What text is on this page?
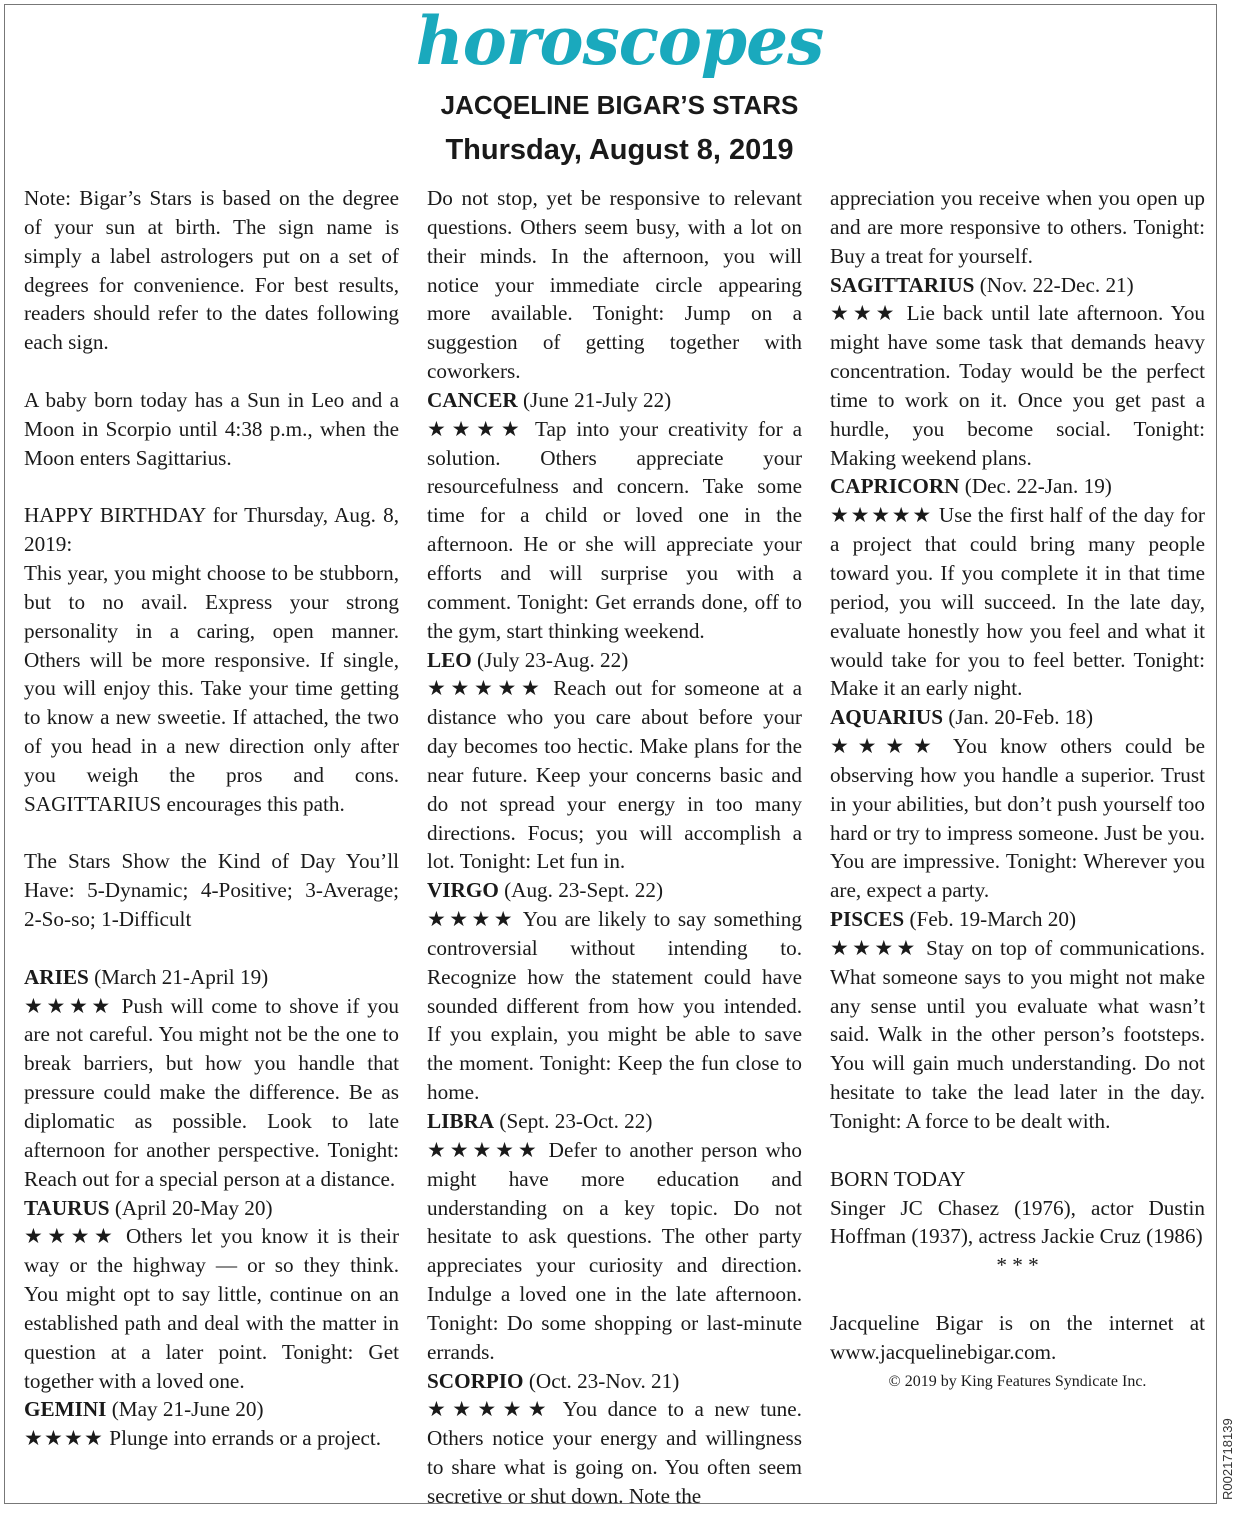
horoscopes
JACQELINE BIGAR’S STARS
Thursday, August 8, 2019

Note: Bigar’s Stars is based on the degree of your sun at birth. The sign name is simply a label astrologers put on a set of degrees for convenience. For best results, readers should refer to the dates following each sign.

A baby born today has a Sun in Leo and a Moon in Scorpio until 4:38 p.m., when the Moon enters Sagittarius.

HAPPY BIRTHDAY for Thursday, Aug. 8, 2019:

This year, you might choose to be stubborn, but to no avail. Express your strong personality in a caring, open manner. Others will be more responsive. If single, you will enjoy this. Take your time getting to know a new sweetie. If attached, the two of you head in a new direction only after you weigh the pros and cons. SAGITTARIUS encourages this path.

The Stars Show the Kind of Day You’ll Have: 5-Dynamic; 4-Positive; 3-Average; 2-So-so; 1-Difficult

ARIES (March 21-April 19)

★★★★ Push will come to shove if you are not careful. You might not be the one to break barriers, but how you handle that pressure could make the difference. Be as diplomatic as possible. Look to late afternoon for another perspective. Tonight: Reach out for a special person at a distance.

TAURUS (April 20-May 20)

★★★★ Others let you know it is their way or the highway — or so they think. You might opt to say little, continue on an established path and deal with the matter in question at a later point. Tonight: Get together with a loved one.

GEMINI (May 21-June 20)

★★★★ Plunge into errands or a project.

Do not stop, yet be responsive to relevant questions. Others seem busy, with a lot on their minds. In the afternoon, you will notice your immediate circle appearing more available. Tonight: Jump on a suggestion of getting together with coworkers.

CANCER (June 21-July 22)

★★★★ Tap into your creativity for a solution. Others appreciate your resourcefulness and concern. Take some time for a child or loved one in the afternoon. He or she will appreciate your efforts and will surprise you with a comment. Tonight: Get errands done, off to the gym, start thinking weekend.

LEO (July 23-Aug. 22)

★★★★★ Reach out for someone at a distance who you care about before your day becomes too hectic. Make plans for the near future. Keep your concerns basic and do not spread your energy in too many directions. Focus; you will accomplish a lot. Tonight: Let fun in.

VIRGO (Aug. 23-Sept. 22)

★★★★ You are likely to say something controversial without intending to. Recognize how the statement could have sounded different from how you intended. If you explain, you might be able to save the moment. Tonight: Keep the fun close to home.

LIBRA (Sept. 23-Oct. 22)

★★★★★ Defer to another person who might have more education and understanding on a key topic. Do not hesitate to ask questions. The other party appreciates your curiosity and direction. Indulge a loved one in the late afternoon. Tonight: Do some shopping or last-minute errands.

SCORPIO (Oct. 23-Nov. 21)

★★★★★ You dance to a new tune. Others notice your energy and willingness to share what is going on. You often seem secretive or shut down. Note the

appreciation you receive when you open up and are more responsive to others. Tonight: Buy a treat for yourself.

SAGITTARIUS (Nov. 22-Dec. 21)

★★★ Lie back until late afternoon. You might have some task that demands heavy concentration. Today would be the perfect time to work on it. Once you get past a hurdle, you become social. Tonight: Making weekend plans.

CAPRICORN (Dec. 22-Jan. 19)

★★★★★ Use the first half of the day for a project that could bring many people toward you. If you complete it in that time period, you will succeed. In the late day, evaluate honestly how you feel and what it would take for you to feel better. Tonight: Make it an early night.

AQUARIUS (Jan. 20-Feb. 18)

★★★★ You know others could be observing how you handle a superior. Trust in your abilities, but don’t push yourself too hard or try to impress someone. Just be you. You are impressive. Tonight: Wherever you are, expect a party.

PISCES (Feb. 19-March 20)

★★★★ Stay on top of communications. What someone says to you might not make any sense until you evaluate what wasn’t said. Walk in the other person’s footsteps. You will gain much understanding. Do not hesitate to take the lead later in the day. Tonight: A force to be dealt with.

BORN TODAY

Singer JC Chasez (1976), actor Dustin Hoffman (1937), actress Jackie Cruz (1986)

* * *

Jacqueline Bigar is on the internet at www.jacquelinebigar.com.

© 2019 by King Features Syndicate Inc.

R0021718139
